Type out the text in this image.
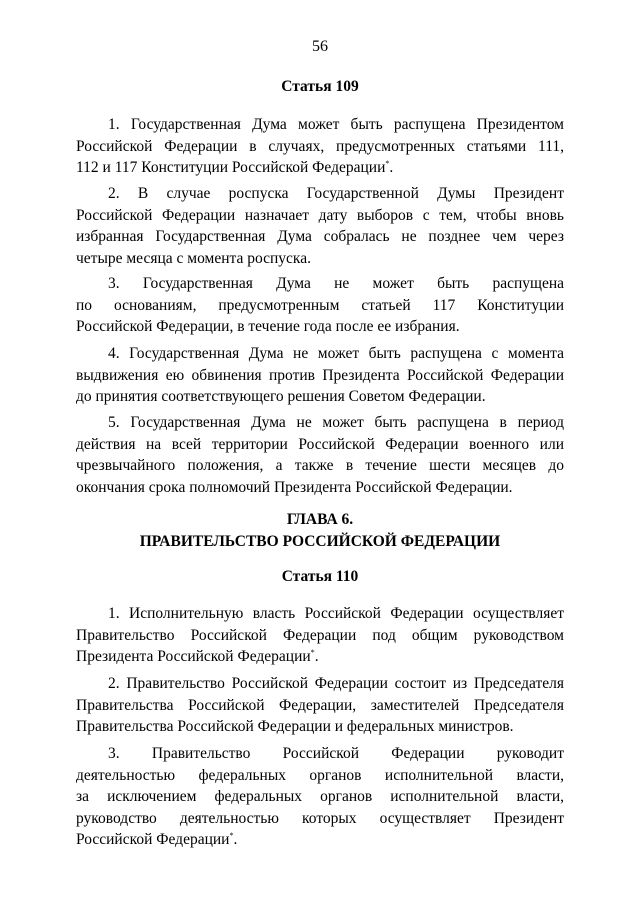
56
Статья 109
1. Государственная Дума может быть распущена Президентом
Российской Федерации в случаях, предусмотренных статьями 111,
112 и 117 Конституции Российской Федерации*.
2. В случае роспуска Государственной Думы Президент
Российской Федерации назначает дату выборов с тем, чтобы вновь
избранная Государственная Дума собралась не позднее чем через
четыре месяца с момента роспуска.
3. Государственная Дума не может быть распущена
по основаниям, предусмотренным статьей 117 Конституции
Российской Федерации, в течение года после ее избрания.
4. Государственная Дума не может быть распущена с момента
выдвижения ею обвинения против Президента Российской Федерации
до принятия соответствующего решения Советом Федерации.
5. Государственная Дума не может быть распущена в период
действия на всей территории Российской Федерации военного или
чрезвычайного положения, а также в течение шести месяцев до
окончания срока полномочий Президента Российской Федерации.
ГЛАВА 6.
ПРАВИТЕЛЬСТВО РОССИЙСКОЙ ФЕДЕРАЦИИ
Статья 110
1. Исполнительную власть Российской Федерации осуществляет
Правительство Российской Федерации под общим руководством
Президента Российской Федерации*.
2. Правительство Российской Федерации состоит из Председателя
Правительства Российской Федерации, заместителей Председателя
Правительства Российской Федерации и федеральных министров.
3. Правительство Российской Федерации руководит
деятельностью федеральных органов исполнительной власти,
за исключением федеральных органов исполнительной власти,
руководство деятельностью которых осуществляет Президент
Российской Федерации*.
